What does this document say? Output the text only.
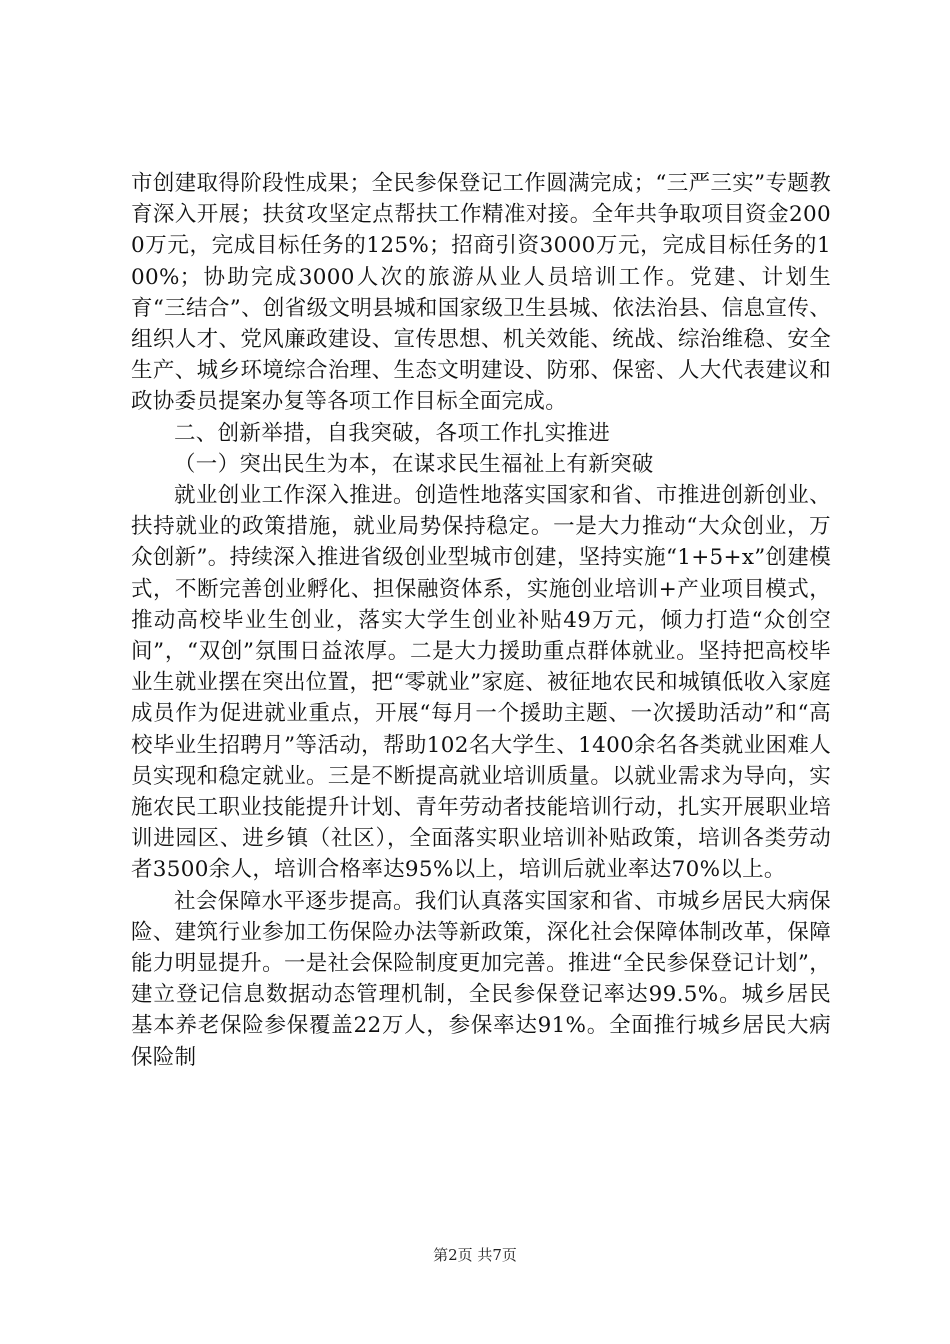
市创建取得阶段性成果；全民参保登记工作圆满完成；“三严三实”专题教育深入开展；扶贫攻坚定点帮扶工作精准对接。全年共争取项目资金2000万元，完成目标任务的125%；招商引资3000万元，完成目标任务的100%；协助完成3000人次的旅游从业人员培训工作。党建、计划生育“三结合”、创省级文明县城和国家级卫生县城、依法治县、信息宣传、组织人才、党风廉政建设、宣传思想、机关效能、统战、综治维稳、安全生产、城乡环境综合治理、生态文明建设、防邪、保密、人大代表建议和政协委员提案办复等各项工作目标全面完成。

二、创新举措，自我突破，各项工作扎实推进

（一）突出民生为本，在谋求民生福祉上有新突破

就业创业工作深入推进。创造性地落实国家和省、市推进创新创业、扶持就业的政策措施，就业局势保持稳定。一是大力推动“大众创业，万众创新”。持续深入推进省级创业型城市创建，坚持实施“1+5+x”创建模式，不断完善创业孵化、担保融资体系，实施创业培训+产业项目模式，推动高校毕业生创业，落实大学生创业补贴49万元，倾力打造“众创空间”，“双创”氛围日益浓厚。二是大力援助重点群体就业。坚持把高校毕业生就业摆在突出位置，把“零就业”家庭、被征地农民和城镇低收入家庭成员作为促进就业重点，开展“每月一个援助主题、一次援助活动”和“高校毕业生招聘月”等活动，帮助102名大学生、1400余名各类就业困难人员实现和稳定就业。三是不断提高就业培训质量。以就业需求为导向，实施农民工职业技能提升计划、青年劳动者技能培训行动，扎实开展职业培训进园区、进乡镇（社区），全面落实职业培训补贴政策，培训各类劳动者3500余人，培训合格率达95%以上，培训后就业率达70%以上。

社会保障水平逐步提高。我们认真落实国家和省、市城乡居民大病保险、建筑行业参加工伤保险办法等新政策，深化社会保障体制改革，保障能力明显提升。一是社会保险制度更加完善。推进“全民参保登记计划”，建立登记信息数据动态管理机制，全民参保登记率达99.5%。城乡居民基本养老保险参保覆盖22万人，参保率达91%。全面推行城乡居民大病保险制

第2页 共7页
